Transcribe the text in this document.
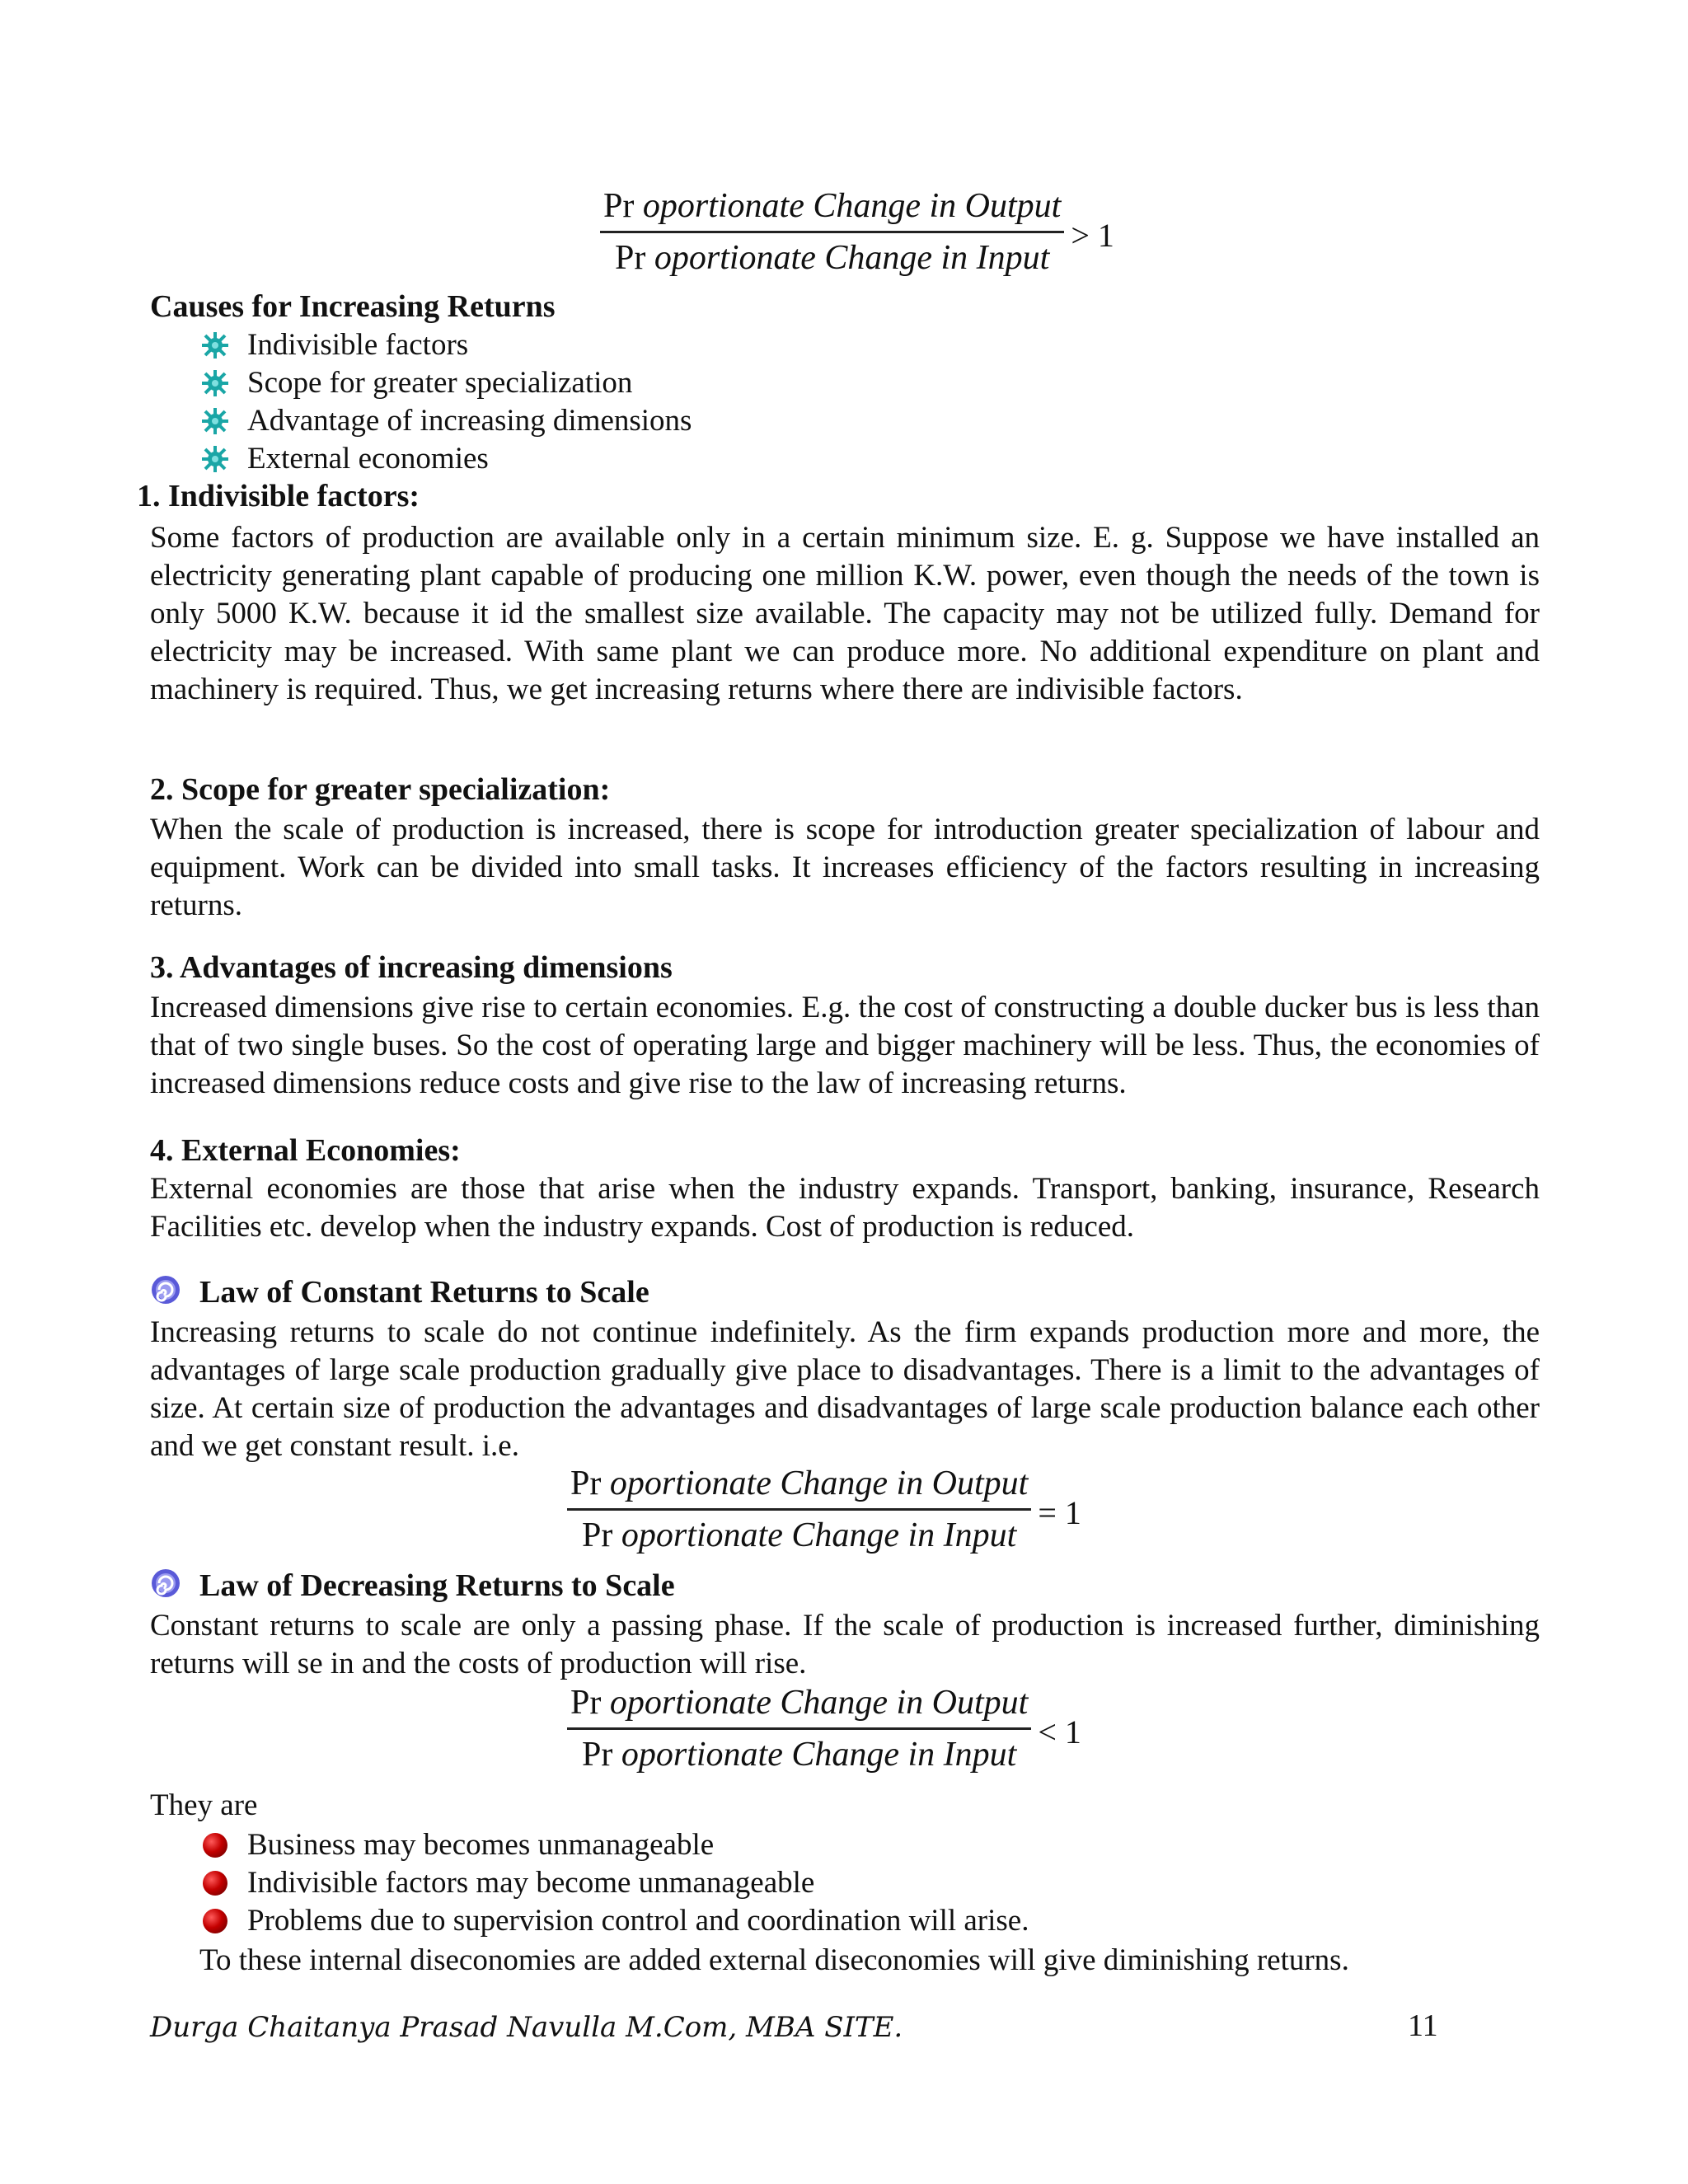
Pr oportionate Change in Output
Pr oportionate Change in Input
> 1
Causes for Increasing Returns
Indivisible factors
Scope for greater specialization
Advantage of increasing dimensions
External economies
1. Indivisible factors:
Some factors of production are available only in a certain minimum size. E. g. Suppose we have installed an electricity generating plant capable of producing one million K.W. power, even though the needs of the town is only 5000 K.W. because it id the smallest size available. The capacity may not be utilized fully. Demand for electricity may be increased. With same plant we can produce more. No additional expenditure on plant and machinery is required. Thus, we get increasing returns where there are indivisible factors.
2. Scope for greater specialization:
When the scale of production is increased, there is scope for introduction greater specialization of labour and equipment. Work can be divided into small tasks. It increases efficiency of the factors resulting in increasing returns.
3. Advantages of increasing dimensions
Increased dimensions give rise to certain economies. E.g. the cost of constructing a double ducker bus is less than that of two single buses. So the cost of operating large and bigger machinery will be less. Thus, the economies of increased dimensions reduce costs and give rise to the law of increasing returns.
4. External Economies:
External economies are those that arise when the industry expands. Transport, banking, insurance, Research Facilities etc. develop when the industry expands. Cost of production is reduced.
Law of Constant Returns to Scale
Increasing returns to scale do not continue indefinitely. As the firm expands production more and more, the advantages of large scale production gradually give place to disadvantages. There is a limit to the advantages of size. At certain size of production the advantages and disadvantages of large scale production balance each other and we get constant result. i.e.
Pr oportionate Change in Output
Pr oportionate Change in Input
= 1
Law of Decreasing Returns to Scale
Constant returns to scale are only a passing phase. If the scale of production is increased further, diminishing returns will se in and the costs of production will rise.
Pr oportionate Change in Output
Pr oportionate Change in Input
< 1
They are
Business may becomes unmanageable
Indivisible factors may become unmanageable
Problems due to supervision control and coordination will arise.
To these internal diseconomies are added external diseconomies will give diminishing returns.
Durga Chaitanya Prasad Navulla M.Com, MBA SITE.	11
